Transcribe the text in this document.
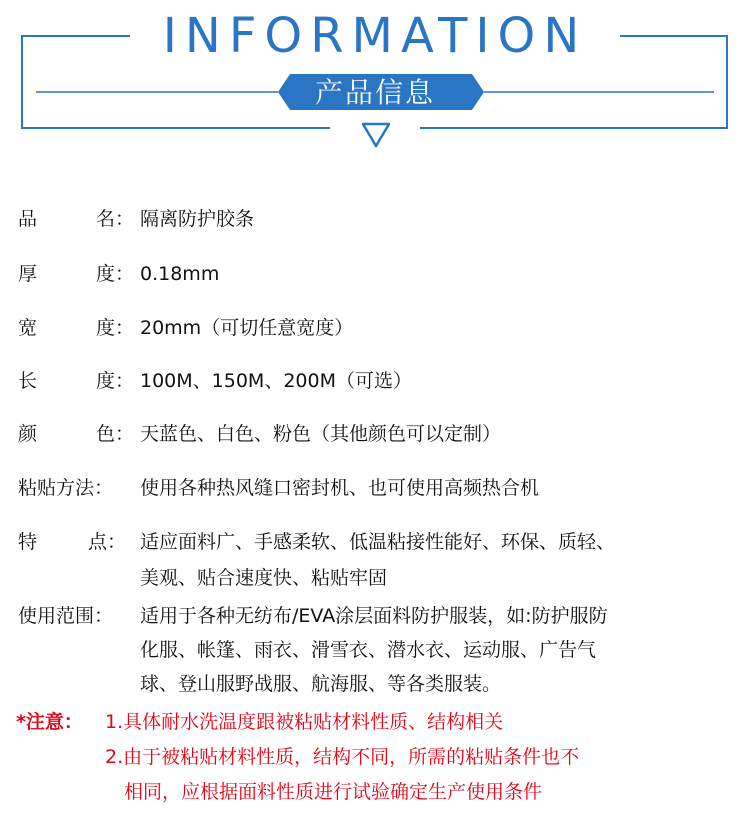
INFORMATION
产品信息
品	名： 隔离防护胶条
厚	度： 0.18mm
宽	度： 20mm（可切任意宽度）
长	度： 100M、150M、200M（可选）
颜	色： 天蓝色、白色、粉色（其他颜色可以定制）
粘贴方法： 使用各种热风缝口密封机、也可使用高频热合机
特	点： 适应面料广、手感柔软、低温粘接性能好、环保、质轻、
美观、贴合速度快、粘贴牢固
使用范围： 适用于各种无纺布/EVA涂层面料防护服装，如:防护服防
化服、帐篷、雨衣、滑雪衣、潜水衣、运动服、广告气
球、登山服野战服、航海服、等各类服装。
*注意： 1.具体耐水洗温度跟被粘贴材料性质、结构相关
2.由于被粘贴材料性质，结构不同，所需的粘贴条件也不
相同，应根据面料性质进行试验确定生产使用条件
